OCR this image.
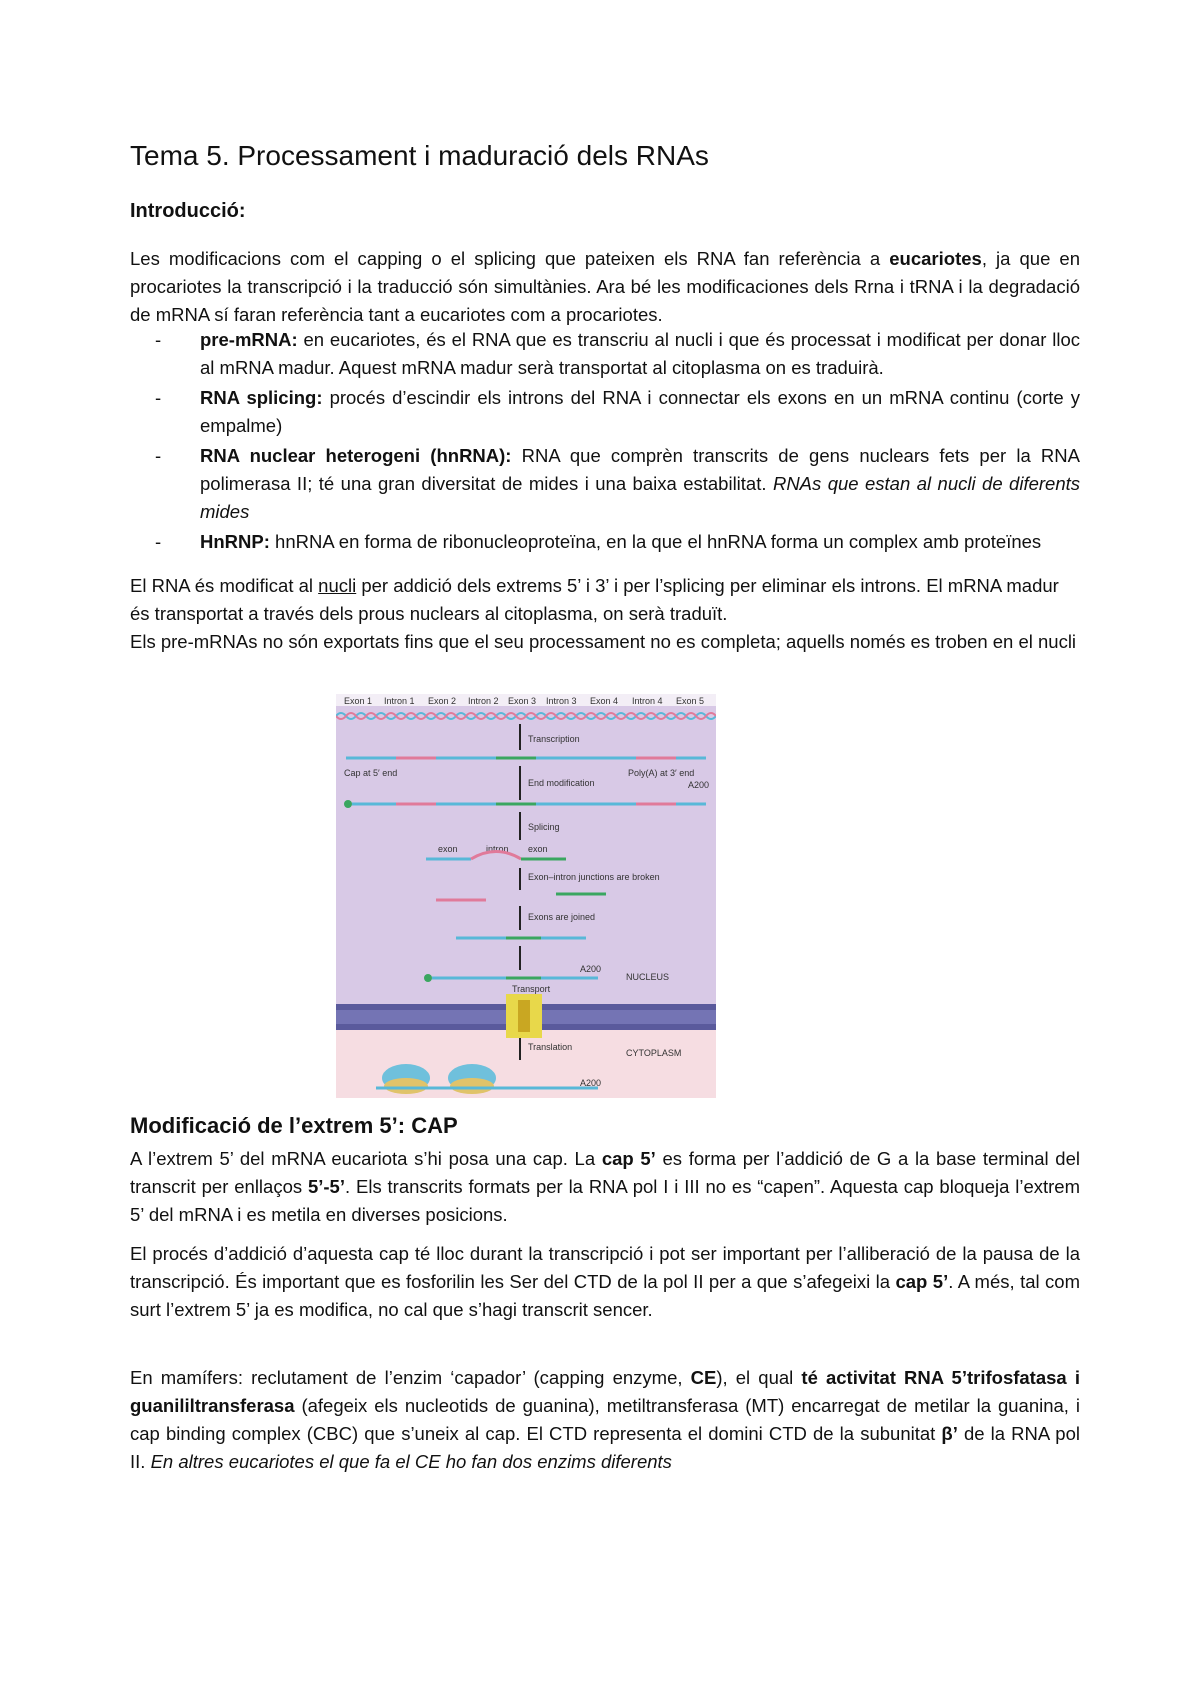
Tema 5. Processament i maduració dels RNAs
Introducció:

Les modificacions com el capping o el splicing que pateixen els RNA fan referència a eucariotes, ja que en procariotes la transcripció i la traducció són simultànies. Ara bé les modificaciones dels Rrna i tRNA i la degradació de mRNA sí faran referència tant a eucariotes com a procariotes.

- pre-mRNA: en eucariotes, és el RNA que es transcriu al nucli i que és processat i modificat per donar lloc al mRNA madur. Aquest mRNA madur serà transportat al citoplasma on es traduirà.
- RNA splicing: procés d’escindir els introns del RNA i connectar els exons en un mRNA continu (corte y empalme)
- RNA nuclear heterogeni (hnRNA): RNA que comprèn transcrits de gens nuclears fets per la RNA polimerasa II; té una gran diversitat de mides i una baixa estabilitat. RNAs que estan al nucli de diferents mides
- HnRNP: hnRNA en forma de ribonucleoproteïna, en la que el hnRNA forma un complex amb proteïnes

El RNA és modificat al nucli per addició dels extrems 5’ i 3’ i per l’splicing per eliminar els introns. El mRNA madur és transportat a través dels prous nuclears al citoplasma, on serà traduït.
Els pre-mRNAs no són exportats fins que el seu processament no es completa; aquells només es troben en el nucli

Exon 1 Intron 1 Exon 2 Intron 2 Exon 3 Intron 3 Exon 4 Intron 4 Exon 5
Transcription
Cap at 5′ end
End modification
Poly(A) at 3′ end
A200
Splicing
exon	intron exon
Exon–intron junctions are broken
Exons are joined
A200
NUCLEUS
Transport
Translation
CYTOPLASM
A200
Modificació de l’extrem 5’: CAP

A l’extrem 5’ del mRNA eucariota s’hi posa una cap. La cap 5’ es forma per l’addició de G a la base terminal del transcrit per enllaços 5’-5’. Els transcrits formats per la RNA pol I i III no es “capen”. Aquesta cap bloqueja l’extrem 5’ del mRNA i es metila en diverses posicions.

El procés d’addició d’aquesta cap té lloc durant la transcripció i pot ser important per l’alliberació de la pausa de la transcripció. És important que es fosforilin les Ser del CTD de la pol II per a que s’afegeixi la cap 5’. A més, tal com surt l’extrem 5’ ja es modifica, no cal que s’hagi transcrit sencer.

En mamífers: reclutament de l’enzim ‘capador’ (capping enzyme, CE), el qual té activitat RNA 5’trifosfatasa i guanililtransferasa (afegeix els nucleotids de guanina), metiltransferasa (MT) encarregat de metilar la guanina, i cap binding complex (CBC) que s’uneix al cap. El CTD representa el domini CTD de la subunitat β’ de la RNA pol II. En altres eucariotes el que fa el CE ho fan dos enzims diferents
